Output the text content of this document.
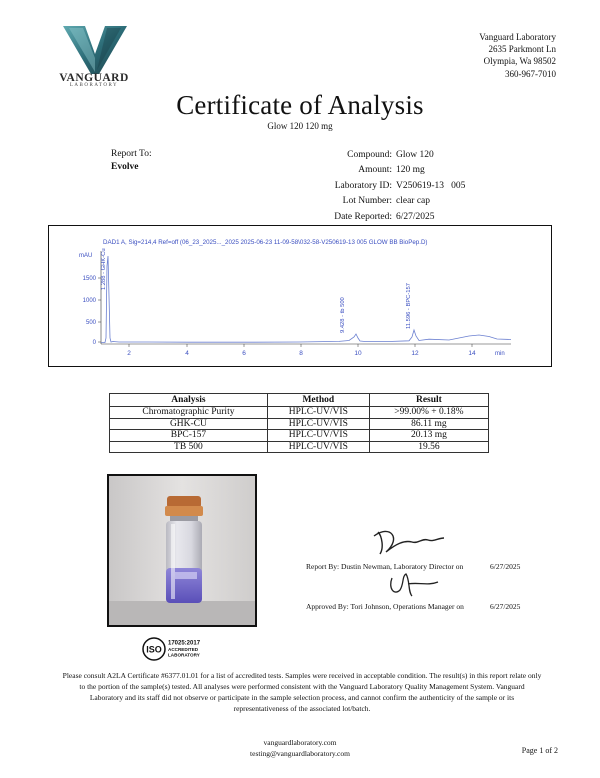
VANGUARD
LABORATORY
Vanguard Laboratory
2635 Parkmont Ln
Olympia, Wa 98502
360-967-7010
Certificate of Analysis
Glow 120 120 mg
Report To:
Evolve
Compound: Glow 120
Amount: 120 mg
Laboratory ID: V250619-13   005
Lot Number: clear cap
Date Reported: 6/27/2025
DAD1 A, Sig=214,4 Ref=off (06_23_2025..._2025 2025-06-23 11-09-58\032-58-V250619-13 005 GLOW BB BioPep.D)
mAU
1500
1000
500
0
2	4	6	8	10	12	14	min
1.288 - GHK-Cu
9.428 - tb 500	11.596 - BPC-157
Analysis	Method	Result
Chromatographic Purity	HPLC-UV/VIS	>99.00% + 0.18%
GHK-CU	HPLC-UV/VIS	86.11 mg
BPC-157	HPLC-UV/VIS	20.13 mg
TB 500	HPLC-UV/VIS	19.56
Report By: Dustin Newman, Laboratory Director on	6/27/2025
Approved By: Tori Johnson, Operations Manager on	6/27/2025
ISO
17025:2017
ACCREDITED
LABORATORY
Please consult A2LA Certificate #6377.01.01 for a list of accredited tests. Samples were received in acceptable condition. The result(s) in this report relate only to the portion of the sample(s) tested. All analyses were performed consistent with the Vanguard Laboratory Quality Management System. Vanguard Laboratory and its staff did not observe or participate in the sample selection process, and cannot confirm the authenticity of the sample or its representativeness of the associated lot/batch.
vanguardlaboratory.com
testing@vanguardlaboratory.com	Page 1 of 2
